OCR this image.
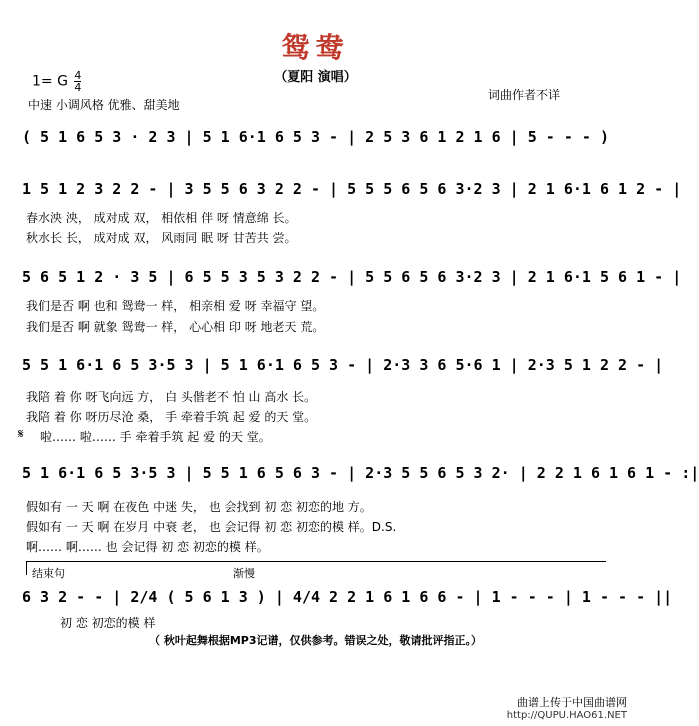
鸳鸯
（夏阳 演唱）
1= G $\frac{4}{4}$
中速 小调风格 优雅、甜美地
词曲作者不详
( 5 1 6 5 3 · 2 3 | 5 1 6·1 6 5 3 - | 2 5 3 6 1 2 1 6 | 5 - - - )
1 5 1 2 3 2 2 - | 3 5 5 6 3 2 2 - | 5 5 5 6 5 6 3·2 3 | 2 1 6·1 6 1 2 - |
春水泱 泱， 成对成 双， 相依相 伴 呀 情意绵 长。
秋水长 长， 成对成 双， 风雨同 眠 呀 甘苦共 尝。
5 6 5 1 2 · 3 5 | 6 5 5 3 5 3 2 2 - | 5 5 6 5 6 3·2 3 | 2 1 6·1 5 6 1 - |
我们是否 啊 也和 鸳鸯一 样， 相亲相 爱 呀 幸福守 望。
我们是否 啊 就象 鸳鸯一 样， 心心相 印 呀 地老天 荒。
5 5 1 6·1 6 5 3·5 3 | 5 1 6·1 6 5 3 - | 2·3 3 6 5·6 1 | 2·3 5 1 2 2 - |
我陪 着 你 呀飞向远 方， 白 头偕老不 怕 山 高水 长。
我陪 着 你 呀历尽沧 桑， 手 牵着手筑 起 爱 的天 堂。
𝄋 啦…… 啦…… 手 牵着手筑 起 爱 的天 堂。
5 1 6·1 6 5 3·5 3 | 5 5 1 6 5 6 3 - | 2·3 5 5 6 5 3 2· | 2 2 1 6 1 6 1 - :|
假如有 一 天 啊 在夜色 中迷 失， 也 会找到 初 恋 初恋的地 方。
假如有 一 天 啊 在岁月 中衰 老， 也 会记得 初 恋 初恋的模 样。D.S.
啊…… 啊…… 也 会记得 初 恋 初恋的模 样。
结束句	渐慢
6 3 2 - - | 2/4 ( 5 6 1 3 ) | 4/4 2 2 1 6 1 6 6 - | 1 - - - | 1 - - - ||
初 恋 初恋的模 样
（ 秋叶起舞根据MP3记谱，仅供参考。错误之处，敬请批评指正。）
曲谱上传于中国曲谱网
http://QUPU.HAO61.NET
